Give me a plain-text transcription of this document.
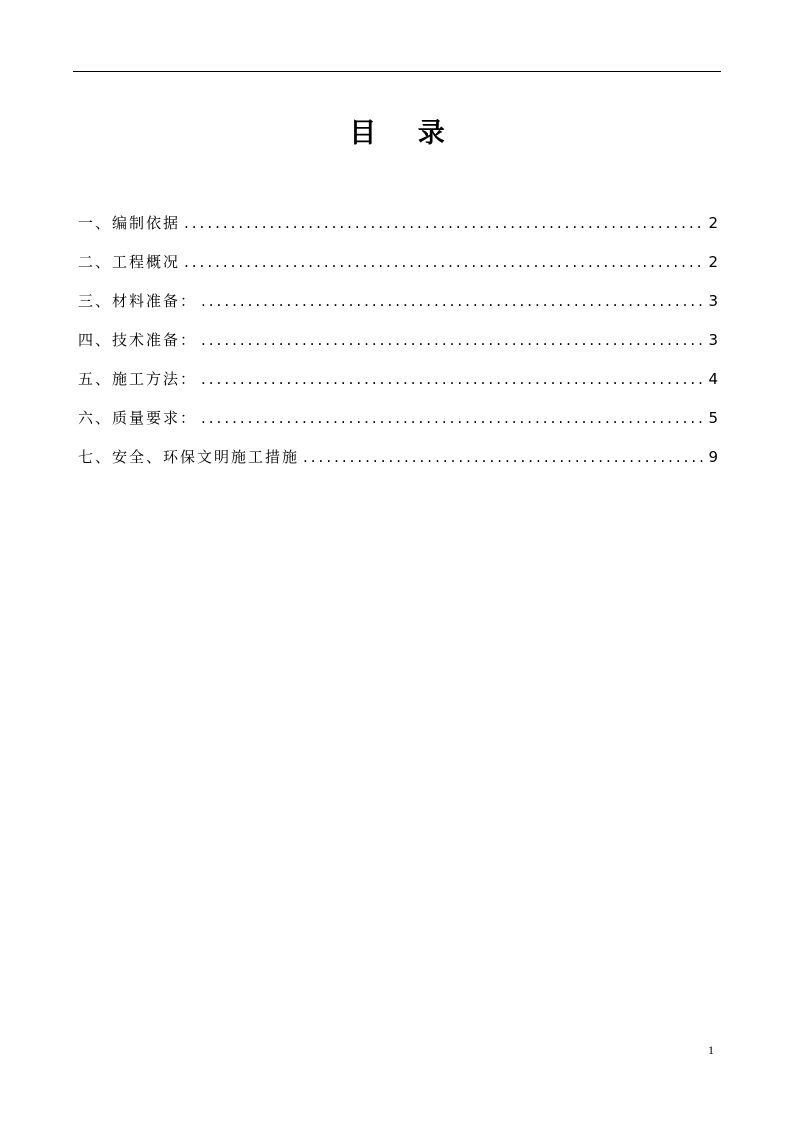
目 录
一、编制依据 .....	2
二、工程概况 .....	2
三、材料准备： .....	3
四、技术准备： .....	3
五、施工方法： .....	4
六、质量要求： .....	5
七、安全、环保文明施工措施 .....	9
1
